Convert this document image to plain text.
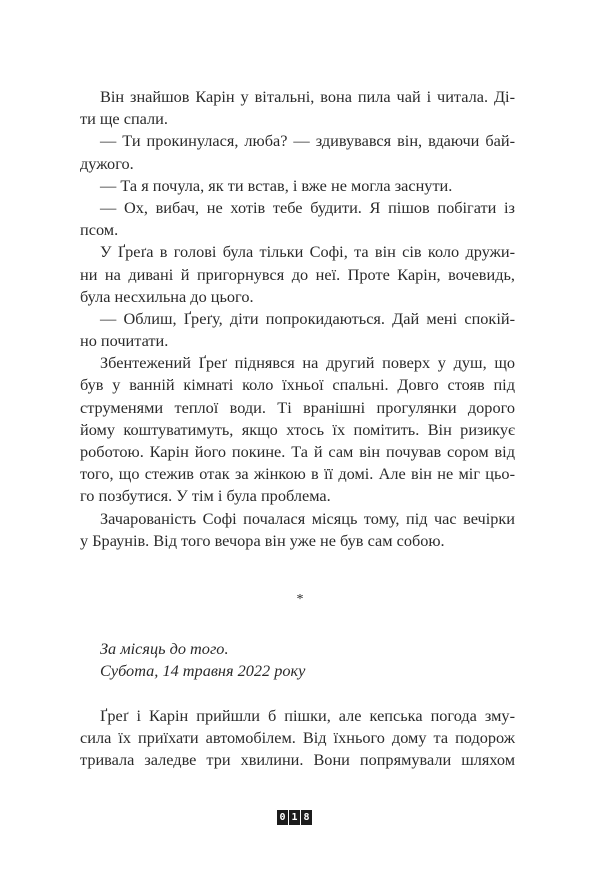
Він знайшов Карін у вітальні, вона пила чай і читала. Ді-
ти ще спали.
— Ти прокинулася, люба? — здивувався він, вдаючи бай-
дужого.
— Та я почула, як ти встав, і вже не могла заснути.
— Ох, вибач, не хотів тебе будити. Я пішов побігати із
псом.
У Ґреґа в голові була тільки Софі, та він сів коло дружи-
ни на дивані й пригорнувся до неї. Проте Карін, вочевидь,
була несхильна до цього.
— Облиш, Ґреґу, діти попрокидаються. Дай мені спокій-
но почитати.
Збентежений Ґреґ піднявся на другий поверх у душ, що
був у ванній кімнаті коло їхньої спальні. Довго стояв під
струменями теплої води. Ті вранішні прогулянки дорого
йому коштуватимуть, якщо хтось їх помітить. Він ризикує
роботою. Карін його покине. Та й сам він почував сором від
того, що стежив отак за жінкою в її домі. Але він не міг цьо-
го позбутися. У тім і була проблема.
Зачарованість Софі почалася місяць тому, під час вечірки
у Браунів. Від того вечора він уже не був сам собою.
*
За місяць до того.
Субота, 14 травня 2022 року
Ґреґ і Карін прийшли б пішки, але кепська погода зму-
сила їх приїхати автомобілем. Від їхнього дому та подорож
тривала заледве три хвилини. Вони попрямували шляхом
0 1 8
